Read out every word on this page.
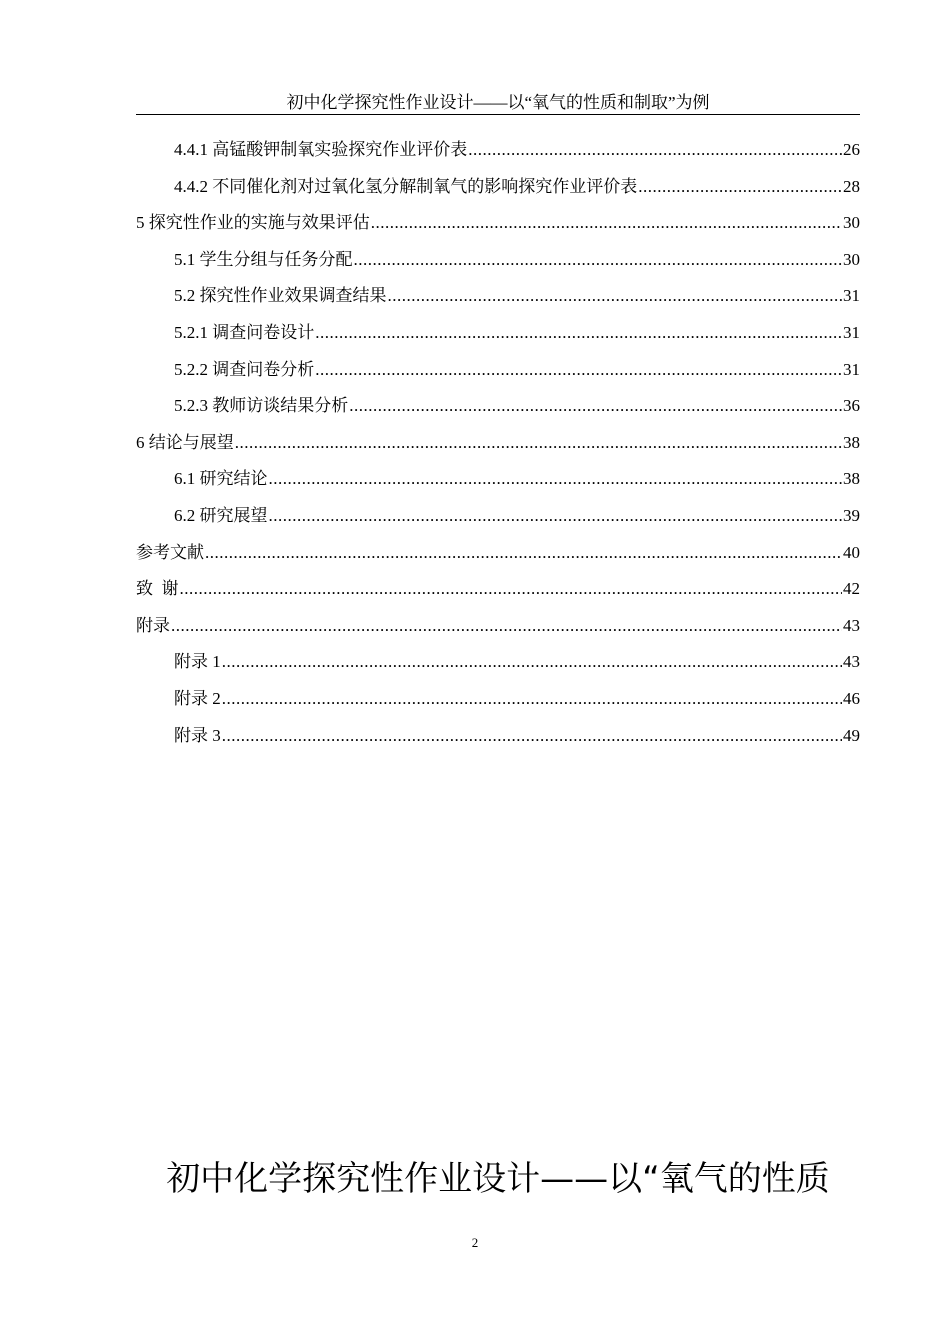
初中化学探究性作业设计——以“氧气的性质和制取”为例
4.4.1 高锰酸钾制氧实验探究作业评价表 .....	26
4.4.2 不同催化剂对过氧化氢分解制氧气的影响探究作业评价表 .....	28
5 探究性作业的实施与效果评估 .....	30
5.1 学生分组与任务分配 .....	30
5.2 探究性作业效果调查结果 .....	31
5.2.1 调查问卷设计 .....	31
5.2.2 调查问卷分析 .....	31
5.2.3 教师访谈结果分析 .....	36
6 结论与展望 .....	38
6.1 研究结论 .....	38
6.2 研究展望 .....	39
参考文献 .....	40
致  谢 .....	42
附录 .....	43
附录 1 .....	43
附录 2 .....	46
附录 3 .....	49
初中化学探究性作业设计——以“氧气的性质
2
